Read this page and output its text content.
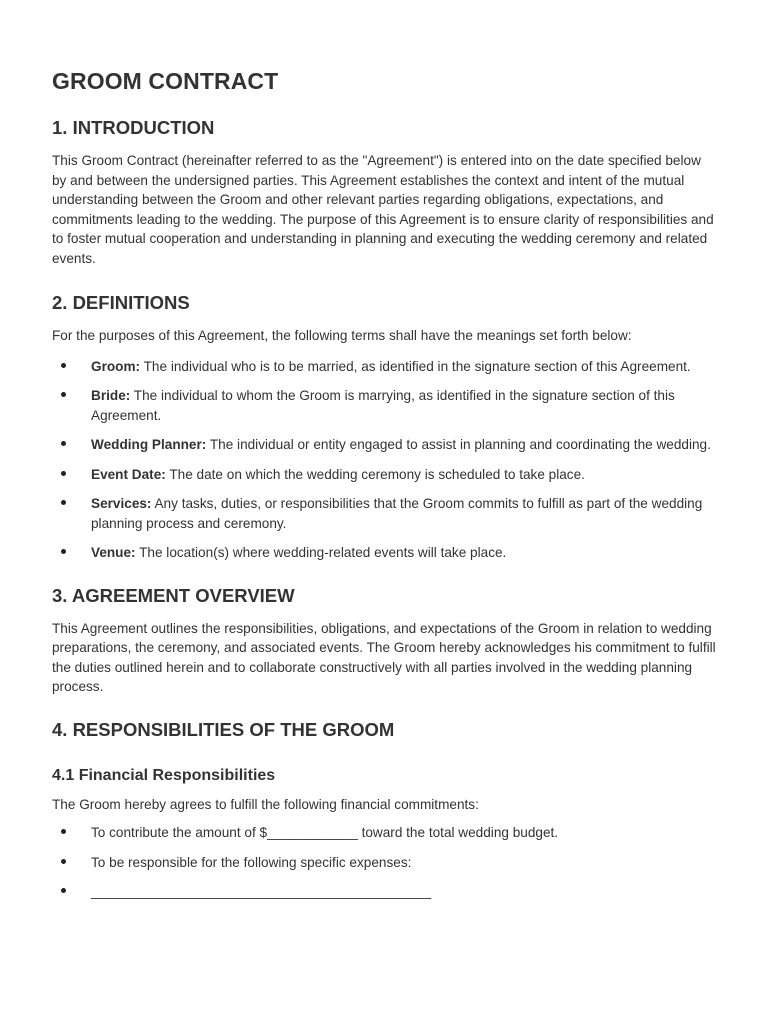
GROOM CONTRACT
1. INTRODUCTION

This Groom Contract (hereinafter referred to as the "Agreement") is entered into on the date specified below by and between the undersigned parties. This Agreement establishes the context and intent of the mutual understanding between the Groom and other relevant parties regarding obligations, expectations, and commitments leading to the wedding. The purpose of this Agreement is to ensure clarity of responsibilities and to foster mutual cooperation and understanding in planning and executing the wedding ceremony and related events.

2. DEFINITIONS

For the purposes of this Agreement, the following terms shall have the meanings set forth below:

Groom: The individual who is to be married, as identified in the signature section of this Agreement.
Bride: The individual to whom the Groom is marrying, as identified in the signature section of this Agreement.
Wedding Planner: The individual or entity engaged to assist in planning and coordinating the wedding.
Event Date: The date on which the wedding ceremony is scheduled to take place.
Services: Any tasks, duties, or responsibilities that the Groom commits to fulfill as part of the wedding planning process and ceremony.
Venue: The location(s) where wedding-related events will take place.
3. AGREEMENT OVERVIEW

This Agreement outlines the responsibilities, obligations, and expectations of the Groom in relation to wedding preparations, the ceremony, and associated events. The Groom hereby acknowledges his commitment to fulfill the duties outlined herein and to collaborate constructively with all parties involved in the wedding planning process.

4. RESPONSIBILITIES OF THE GROOM
4.1 Financial Responsibilities

The Groom hereby agrees to fulfill the following financial commitments:

To contribute the amount of $____________ toward the total wedding budget.
To be responsible for the following specific expenses:
_____________________________________________
